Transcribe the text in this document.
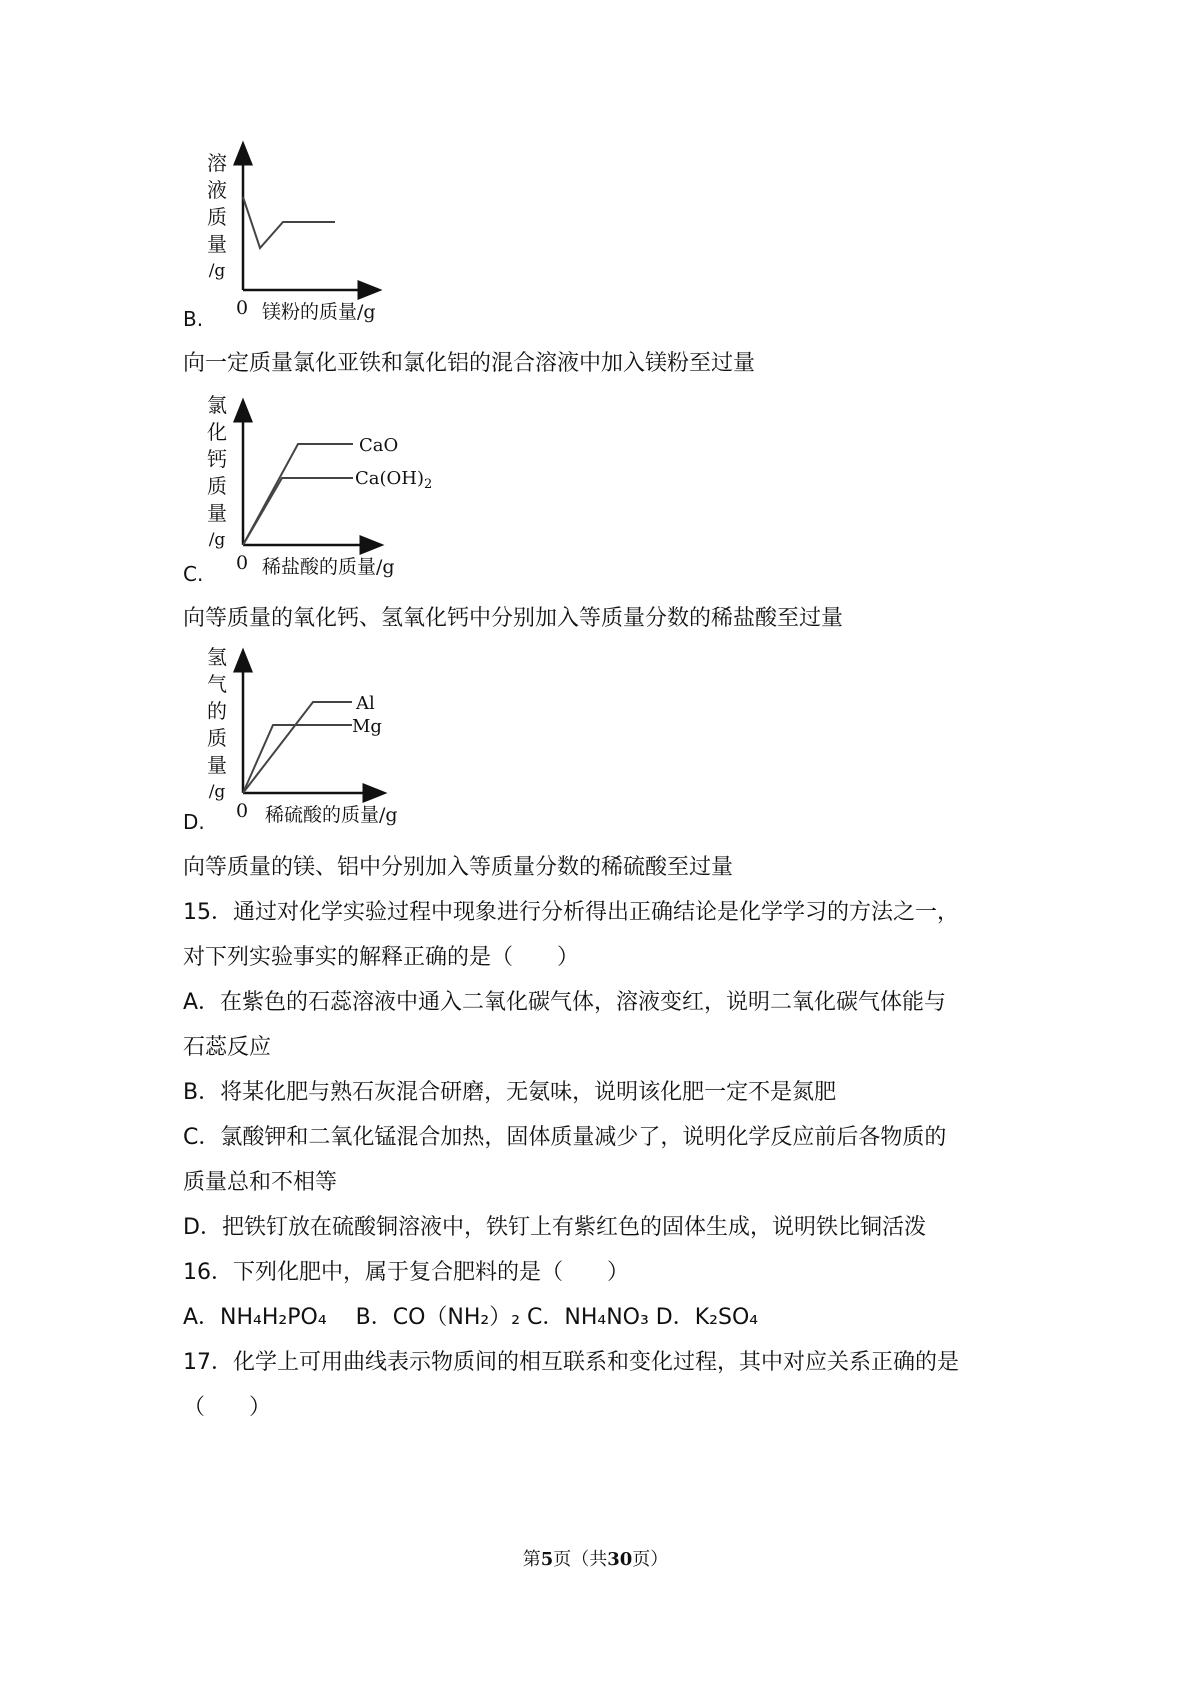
溶
液
质
量
/g
0 镁粉的质量/g
B.
向一定质量氯化亚铁和氯化铝的混合溶液中加入镁粉至过量
氯
化
钙
质
量
/g
CaO
$Ca(OH)_2$
0 稀盐酸的质量/g
C.
向等质量的氧化钙、氢氧化钙中分别加入等质量分数的稀盐酸至过量
氢
气
的
质
量
/g
Al
Mg
0 稀硫酸的质量/g
D.
向等质量的镁、铝中分别加入等质量分数的稀硫酸至过量
15．通过对化学实验过程中现象进行分析得出正确结论是化学学习的方法之一，
对下列实验事实的解释正确的是（　　）
A．在紫色的石蕊溶液中通入二氧化碳气体，溶液变红，说明二氧化碳气体能与
石蕊反应
B．将某化肥与熟石灰混合研磨，无氨味，说明该化肥一定不是氮肥
C．氯酸钾和二氧化锰混合加热，固体质量减少了，说明化学反应前后各物质的
质量总和不相等
D．把铁钉放在硫酸铜溶液中，铁钉上有紫红色的固体生成，说明铁比铜活泼
16．下列化肥中，属于复合肥料的是（　　）
A．NH₄H₂PO₄　 B．CO（NH₂）₂ C．NH₄NO₃ D．K₂SO₄
17．化学上可用曲线表示物质间的相互联系和变化过程，其中对应关系正确的是
（　　）
第5页（共30页）
